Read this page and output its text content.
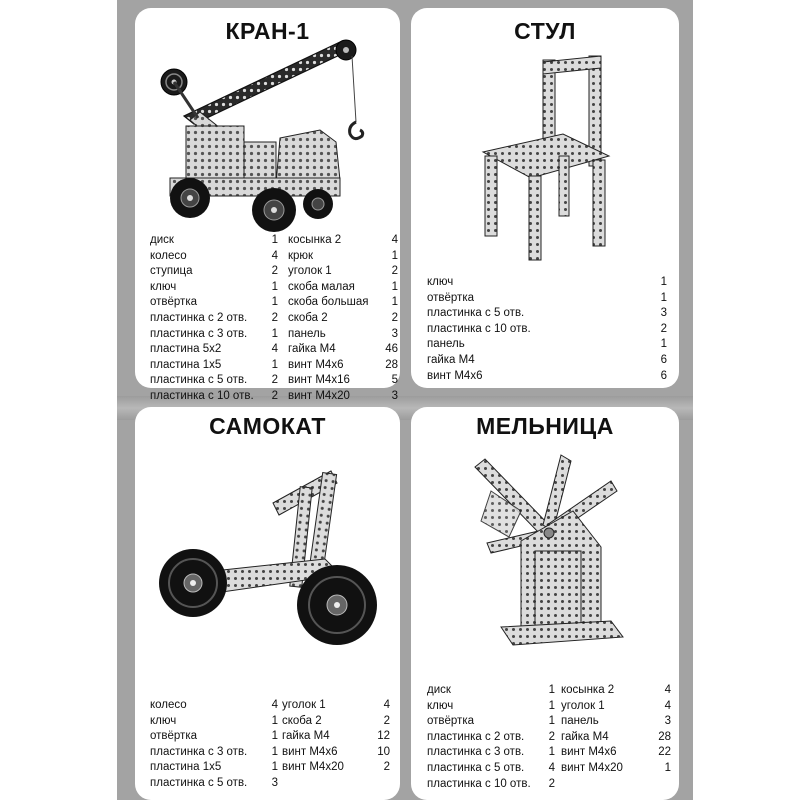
КРАН-1
диск	1
колесо	4
ступица	2
ключ	1
отвёртка	1
пластинка с 2 отв.	2
пластинка с 3 отв.	1
пластина 5х2	4
пластина 1х5	1
пластинка с 5 отв.	2
пластинка с 10 отв.	2
косынка 2	4
крюк	1
уголок 1	2
скоба малая	1
скоба большая	1
скоба 2	2
панель	3
гайка М4	46
винт М4х6	28
винт М4х16	5
винт М4х20	3
СТУЛ
ключ	1
отвёртка	1
пластинка с 5 отв.	3
пластинка с 10 отв.	2
панель	1
гайка М4	6
винт М4х6	6
САМОКАТ
колесо	4
ключ	1
отвёртка	1
пластинка с 3 отв.	1
пластина 1х5	1
пластинка с 5 отв.	3
уголок 1	4
скоба 2	2
гайка М4	12
винт М4х6	10
винт М4х20	2
МЕЛЬНИЦА
диск	1
ключ	1
отвёртка	1
пластинка с 2 отв.	2
пластинка с 3 отв.	1
пластинка с 5 отв.	4
пластинка с 10 отв.	2
косынка 2	4
уголок 1	4
панель	3
гайка М4	28
винт М4х6	22
винт М4х20	1
